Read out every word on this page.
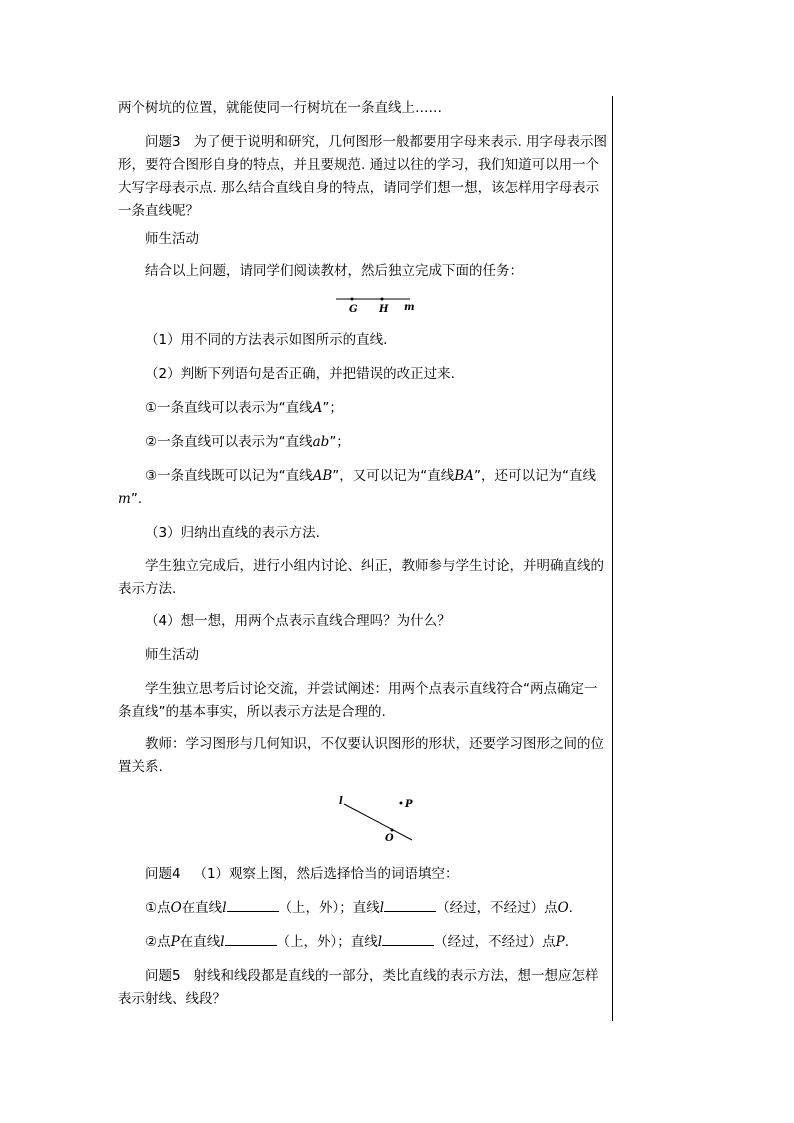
两个树坑的位置，就能使同一行树坑在一条直线上……

问题3 为了便于说明和研究，几何图形一般都要用字母来表示. 用字母表示图形，要符合图形自身的特点，并且要规范. 通过以往的学习，我们知道可以用一个大写字母表示点. 那么结合直线自身的特点，请同学们想一想，该怎样用字母表示一条直线呢？

师生活动

结合以上问题，请同学们阅读教材，然后独立完成下面的任务：

G H m

（1）用不同的方法表示如图所示的直线.

（2）判断下列语句是否正确，并把错误的改正过来.

①一条直线可以表示为“直线A”；

②一条直线可以表示为“直线ab”；

③一条直线既可以记为“直线AB”，又可以记为“直线BA”，还可以记为“直线m”.

（3）归纳出直线的表示方法.

学生独立完成后，进行小组内讨论、纠正，教师参与学生讨论，并明确直线的表示方法.

（4）想一想，用两个点表示直线合理吗？为什么？

师生活动

学生独立思考后讨论交流，并尝试阐述：用两个点表示直线符合“两点确定一条直线”的基本事实，所以表示方法是合理的.

教师：学习图形与几何知识，不仅要认识图形的形状，还要学习图形之间的位置关系.

l	P
O

问题4 （1）观察上图，然后选择恰当的词语填空：

①点O在直线l	（上，外）；直线l	（经过，不经过）点O.

②点P在直线l	（上，外）；直线l	（经过，不经过）点P.

问题5 射线和线段都是直线的一部分，类比直线的表示方法，想一想应怎样表示射线、线段？
